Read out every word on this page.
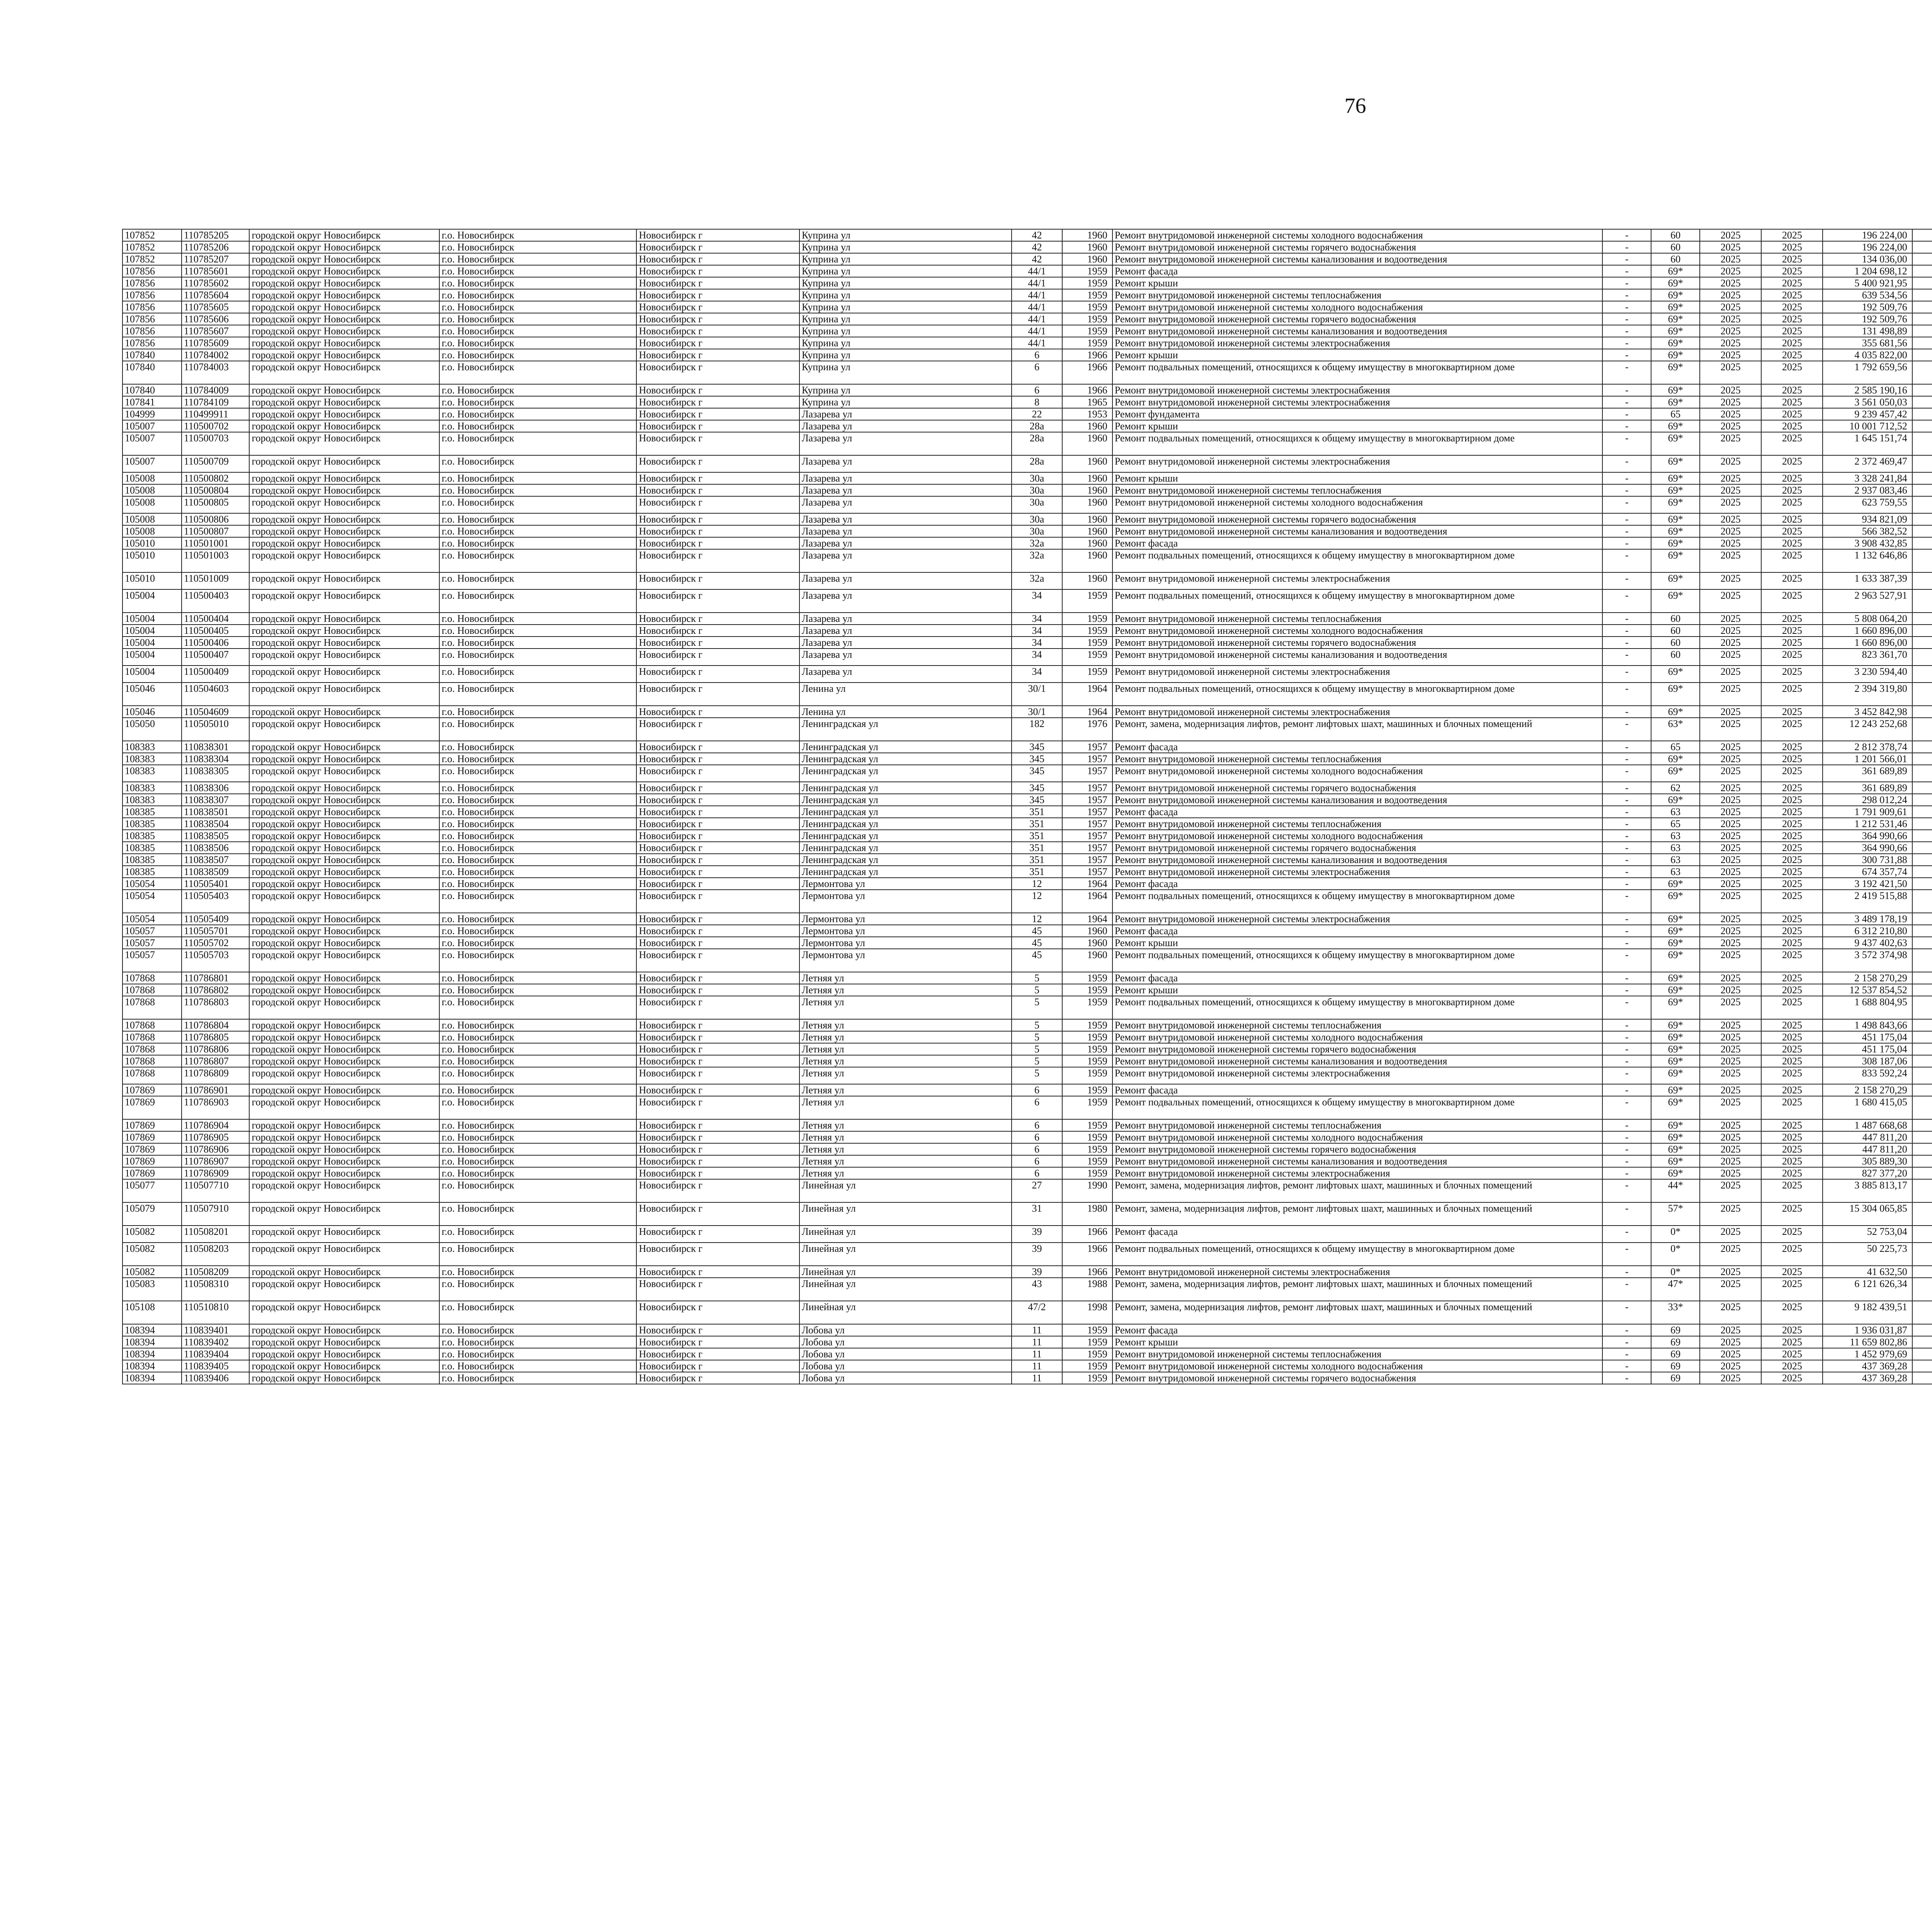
76
107852	110785205	городской округ Новосибирск	г.о. Новосибирск	Новосибирск г	Куприна ул	42	1960	Ремонт внутридомовой инженерной системы холодного водоснабжения	-	60	2025	2025	196 224,00						
107852	110785206	городской округ Новосибирск	г.о. Новосибирск	Новосибирск г	Куприна ул	42	1960	Ремонт внутридомовой инженерной системы горячего водоснабжения	-	60	2025	2025	196 224,00						
107852	110785207	городской округ Новосибирск	г.о. Новосибирск	Новосибирск г	Куприна ул	42	1960	Ремонт внутридомовой инженерной системы канализования и водоотведения	-	60	2025	2025	134 036,00						
107856	110785601	городской округ Новосибирск	г.о. Новосибирск	Новосибирск г	Куприна ул	44/1	1959	Ремонт фасада	-	69*	2025	2025	1 204 698,12						
107856	110785602	городской округ Новосибирск	г.о. Новосибирск	Новосибирск г	Куприна ул	44/1	1959	Ремонт крыши	-	69*	2025	2025	5 400 921,95						
107856	110785604	городской округ Новосибирск	г.о. Новосибирск	Новосибирск г	Куприна ул	44/1	1959	Ремонт внутридомовой инженерной системы теплоснабжения	-	69*	2025	2025	639 534,56						
107856	110785605	городской округ Новосибирск	г.о. Новосибирск	Новосибирск г	Куприна ул	44/1	1959	Ремонт внутридомовой инженерной системы холодного водоснабжения	-	69*	2025	2025	192 509,76						
107856	110785606	городской округ Новосибирск	г.о. Новосибирск	Новосибирск г	Куприна ул	44/1	1959	Ремонт внутридомовой инженерной системы горячего водоснабжения	-	69*	2025	2025	192 509,76						
107856	110785607	городской округ Новосибирск	г.о. Новосибирск	Новосибирск г	Куприна ул	44/1	1959	Ремонт внутридомовой инженерной системы канализования и водоотведения	-	69*	2025	2025	131 498,89						
107856	110785609	городской округ Новосибирск	г.о. Новосибирск	Новосибирск г	Куприна ул	44/1	1959	Ремонт внутридомовой инженерной системы электроснабжения	-	69*	2025	2025	355 681,56						
107840	110784002	городской округ Новосибирск	г.о. Новосибирск	Новосибирск г	Куприна ул	6	1966	Ремонт крыши	-	69*	2025	2025	4 035 822,00						
107840	110784003	городской округ Новосибирск	г.о. Новосибирск	Новосибирск г	Куприна ул	6	1966	Ремонт подвальных помещений, относящихся к общему имуществу в многоквартирном доме	-	69*	2025	2025	1 792 659,56						
107840	110784009	городской округ Новосибирск	г.о. Новосибирск	Новосибирск г	Куприна ул	6	1966	Ремонт внутридомовой инженерной системы электроснабжения	-	69*	2025	2025	2 585 190,16						
107841	110784109	городской округ Новосибирск	г.о. Новосибирск	Новосибирск г	Куприна ул	8	1965	Ремонт внутридомовой инженерной системы электроснабжения	-	69*	2025	2025	3 561 050,03						
104999	110499911	городской округ Новосибирск	г.о. Новосибирск	Новосибирск г	Лазарева ул	22	1953	Ремонт фундамента	-	65	2025	2025	9 239 457,42						
105007	110500702	городской округ Новосибирск	г.о. Новосибирск	Новосибирск г	Лазарева ул	28а	1960	Ремонт крыши	-	69*	2025	2025	10 001 712,52						
105007	110500703	городской округ Новосибирск	г.о. Новосибирск	Новосибирск г	Лазарева ул	28а	1960	Ремонт подвальных помещений, относящихся к общему имуществу в многоквартирном доме	-	69*	2025	2025	1 645 151,74						
105007	110500709	городской округ Новосибирск	г.о. Новосибирск	Новосибирск г	Лазарева ул	28а	1960	Ремонт внутридомовой инженерной системы электроснабжения	-	69*	2025	2025	2 372 469,47						
105008	110500802	городской округ Новосибирск	г.о. Новосибирск	Новосибирск г	Лазарева ул	30а	1960	Ремонт крыши	-	69*	2025	2025	3 328 241,84						
105008	110500804	городской округ Новосибирск	г.о. Новосибирск	Новосибирск г	Лазарева ул	30а	1960	Ремонт внутридомовой инженерной системы теплоснабжения	-	69*	2025	2025	2 937 083,46						
105008	110500805	городской округ Новосибирск	г.о. Новосибирск	Новосибирск г	Лазарева ул	30а	1960	Ремонт внутридомовой инженерной системы холодного водоснабжения	-	69*	2025	2025	623 759,55						
105008	110500806	городской округ Новосибирск	г.о. Новосибирск	Новосибирск г	Лазарева ул	30а	1960	Ремонт внутридомовой инженерной системы горячего водоснабжения	-	69*	2025	2025	934 821,09						
105008	110500807	городской округ Новосибирск	г.о. Новосибирск	Новосибирск г	Лазарева ул	30а	1960	Ремонт внутридомовой инженерной системы канализования и водоотведения	-	69*	2025	2025	566 382,52						
105010	110501001	городской округ Новосибирск	г.о. Новосибирск	Новосибирск г	Лазарева ул	32а	1960	Ремонт фасада	-	69*	2025	2025	3 908 432,85						
105010	110501003	городской округ Новосибирск	г.о. Новосибирск	Новосибирск г	Лазарева ул	32а	1960	Ремонт подвальных помещений, относящихся к общему имуществу в многоквартирном доме	-	69*	2025	2025	1 132 646,86						
105010	110501009	городской округ Новосибирск	г.о. Новосибирск	Новосибирск г	Лазарева ул	32а	1960	Ремонт внутридомовой инженерной системы электроснабжения	-	69*	2025	2025	1 633 387,39						
105004	110500403	городской округ Новосибирск	г.о. Новосибирск	Новосибирск г	Лазарева ул	34	1959	Ремонт подвальных помещений, относящихся к общему имуществу в многоквартирном доме	-	69*	2025	2025	2 963 527,91						
105004	110500404	городской округ Новосибирск	г.о. Новосибирск	Новосибирск г	Лазарева ул	34	1959	Ремонт внутридомовой инженерной системы теплоснабжения	-	60	2025	2025	5 808 064,20						
105004	110500405	городской округ Новосибирск	г.о. Новосибирск	Новосибирск г	Лазарева ул	34	1959	Ремонт внутридомовой инженерной системы холодного водоснабжения	-	60	2025	2025	1 660 896,00						
105004	110500406	городской округ Новосибирск	г.о. Новосибирск	Новосибирск г	Лазарева ул	34	1959	Ремонт внутридомовой инженерной системы горячего водоснабжения	-	60	2025	2025	1 660 896,00						
105004	110500407	городской округ Новосибирск	г.о. Новосибирск	Новосибирск г	Лазарева ул	34	1959	Ремонт внутридомовой инженерной системы канализования и водоотведения	-	60	2025	2025	823 361,70						
105004	110500409	городской округ Новосибирск	г.о. Новосибирск	Новосибирск г	Лазарева ул	34	1959	Ремонт внутридомовой инженерной системы электроснабжения	-	69*	2025	2025	3 230 594,40						
105046	110504603	городской округ Новосибирск	г.о. Новосибирск	Новосибирск г	Ленина ул	30/1	1964	Ремонт подвальных помещений, относящихся к общему имуществу в многоквартирном доме	-	69*	2025	2025	2 394 319,80						
105046	110504609	городской округ Новосибирск	г.о. Новосибирск	Новосибирск г	Ленина ул	30/1	1964	Ремонт внутридомовой инженерной системы электроснабжения	-	69*	2025	2025	3 452 842,98						
105050	110505010	городской округ Новосибирск	г.о. Новосибирск	Новосибирск г	Ленинградская ул	182	1976	Ремонт, замена, модернизация лифтов, ремонт лифтовых шахт, машинных и блочных помещений	-	63*	2025	2025	12 243 252,68						
108383	110838301	городской округ Новосибирск	г.о. Новосибирск	Новосибирск г	Ленинградская ул	345	1957	Ремонт фасада	-	65	2025	2025	2 812 378,74						
108383	110838304	городской округ Новосибирск	г.о. Новосибирск	Новосибирск г	Ленинградская ул	345	1957	Ремонт внутридомовой инженерной системы теплоснабжения	-	69*	2025	2025	1 201 566,01						
108383	110838305	городской округ Новосибирск	г.о. Новосибирск	Новосибирск г	Ленинградская ул	345	1957	Ремонт внутридомовой инженерной системы холодного водоснабжения	-	69*	2025	2025	361 689,89						
108383	110838306	городской округ Новосибирск	г.о. Новосибирск	Новосибирск г	Ленинградская ул	345	1957	Ремонт внутридомовой инженерной системы горячего водоснабжения	-	62	2025	2025	361 689,89						
108383	110838307	городской округ Новосибирск	г.о. Новосибирск	Новосибирск г	Ленинградская ул	345	1957	Ремонт внутридомовой инженерной системы канализования и водоотведения	-	69*	2025	2025	298 012,24						
108385	110838501	городской округ Новосибирск	г.о. Новосибирск	Новосибирск г	Ленинградская ул	351	1957	Ремонт фасада	-	63	2025	2025	1 791 909,61						
108385	110838504	городской округ Новосибирск	г.о. Новосибирск	Новосибирск г	Ленинградская ул	351	1957	Ремонт внутридомовой инженерной системы теплоснабжения	-	65	2025	2025	1 212 531,46						
108385	110838505	городской округ Новосибирск	г.о. Новосибирск	Новосибирск г	Ленинградская ул	351	1957	Ремонт внутридомовой инженерной системы холодного водоснабжения	-	63	2025	2025	364 990,66						
108385	110838506	городской округ Новосибирск	г.о. Новосибирск	Новосибирск г	Ленинградская ул	351	1957	Ремонт внутридомовой инженерной системы горячего водоснабжения	-	63	2025	2025	364 990,66						
108385	110838507	городской округ Новосибирск	г.о. Новосибирск	Новосибирск г	Ленинградская ул	351	1957	Ремонт внутридомовой инженерной системы канализования и водоотведения	-	63	2025	2025	300 731,88						
108385	110838509	городской округ Новосибирск	г.о. Новосибирск	Новосибирск г	Ленинградская ул	351	1957	Ремонт внутридомовой инженерной системы электроснабжения	-	63	2025	2025	674 357,74						
105054	110505401	городской округ Новосибирск	г.о. Новосибирск	Новосибирск г	Лермонтова ул	12	1964	Ремонт фасада	-	69*	2025	2025	3 192 421,50						
105054	110505403	городской округ Новосибирск	г.о. Новосибирск	Новосибирск г	Лермонтова ул	12	1964	Ремонт подвальных помещений, относящихся к общему имуществу в многоквартирном доме	-	69*	2025	2025	2 419 515,88						
105054	110505409	городской округ Новосибирск	г.о. Новосибирск	Новосибирск г	Лермонтова ул	12	1964	Ремонт внутридомовой инженерной системы электроснабжения	-	69*	2025	2025	3 489 178,19						
105057	110505701	городской округ Новосибирск	г.о. Новосибирск	Новосибирск г	Лермонтова ул	45	1960	Ремонт фасада	-	69*	2025	2025	6 312 210,80						
105057	110505702	городской округ Новосибирск	г.о. Новосибирск	Новосибирск г	Лермонтова ул	45	1960	Ремонт крыши	-	69*	2025	2025	9 437 402,63						
105057	110505703	городской округ Новосибирск	г.о. Новосибирск	Новосибирск г	Лермонтова ул	45	1960	Ремонт подвальных помещений, относящихся к общему имуществу в многоквартирном доме	-	69*	2025	2025	3 572 374,98						
107868	110786801	городской округ Новосибирск	г.о. Новосибирск	Новосибирск г	Летняя ул	5	1959	Ремонт фасада	-	69*	2025	2025	2 158 270,29						
107868	110786802	городской округ Новосибирск	г.о. Новосибирск	Новосибирск г	Летняя ул	5	1959	Ремонт крыши	-	69*	2025	2025	12 537 854,52						
107868	110786803	городской округ Новосибирск	г.о. Новосибирск	Новосибирск г	Летняя ул	5	1959	Ремонт подвальных помещений, относящихся к общему имуществу в многоквартирном доме	-	69*	2025	2025	1 688 804,95						
107868	110786804	городской округ Новосибирск	г.о. Новосибирск	Новосибирск г	Летняя ул	5	1959	Ремонт внутридомовой инженерной системы теплоснабжения	-	69*	2025	2025	1 498 843,66						
107868	110786805	городской округ Новосибирск	г.о. Новосибирск	Новосибирск г	Летняя ул	5	1959	Ремонт внутридомовой инженерной системы холодного водоснабжения	-	69*	2025	2025	451 175,04						
107868	110786806	городской округ Новосибирск	г.о. Новосибирск	Новосибирск г	Летняя ул	5	1959	Ремонт внутридомовой инженерной системы горячего водоснабжения	-	69*	2025	2025	451 175,04						
107868	110786807	городской округ Новосибирск	г.о. Новосибирск	Новосибирск г	Летняя ул	5	1959	Ремонт внутридомовой инженерной системы канализования и водоотведения	-	69*	2025	2025	308 187,06						
107868	110786809	городской округ Новосибирск	г.о. Новосибирск	Новосибирск г	Летняя ул	5	1959	Ремонт внутридомовой инженерной системы электроснабжения	-	69*	2025	2025	833 592,24						
107869	110786901	городской округ Новосибирск	г.о. Новосибирск	Новосибирск г	Летняя ул	6	1959	Ремонт фасада	-	69*	2025	2025	2 158 270,29						
107869	110786903	городской округ Новосибирск	г.о. Новосибирск	Новосибирск г	Летняя ул	6	1959	Ремонт подвальных помещений, относящихся к общему имуществу в многоквартирном доме	-	69*	2025	2025	1 680 415,05						
107869	110786904	городской округ Новосибирск	г.о. Новосибирск	Новосибирск г	Летняя ул	6	1959	Ремонт внутридомовой инженерной системы теплоснабжения	-	69*	2025	2025	1 487 668,68						
107869	110786905	городской округ Новосибирск	г.о. Новосибирск	Новосибирск г	Летняя ул	6	1959	Ремонт внутридомовой инженерной системы холодного водоснабжения	-	69*	2025	2025	447 811,20						
107869	110786906	городской округ Новосибирск	г.о. Новосибирск	Новосибирск г	Летняя ул	6	1959	Ремонт внутридомовой инженерной системы горячего водоснабжения	-	69*	2025	2025	447 811,20						
107869	110786907	городской округ Новосибирск	г.о. Новосибирск	Новосибирск г	Летняя ул	6	1959	Ремонт внутридомовой инженерной системы канализования и водоотведения	-	69*	2025	2025	305 889,30						
107869	110786909	городской округ Новосибирск	г.о. Новосибирск	Новосибирск г	Летняя ул	6	1959	Ремонт внутридомовой инженерной системы электроснабжения	-	69*	2025	2025	827 377,20						
105077	110507710	городской округ Новосибирск	г.о. Новосибирск	Новосибирск г	Линейная ул	27	1990	Ремонт, замена, модернизация лифтов, ремонт лифтовых шахт, машинных и блочных помещений	-	44*	2025	2025	3 885 813,17						
105079	110507910	городской округ Новосибирск	г.о. Новосибирск	Новосибирск г	Линейная ул	31	1980	Ремонт, замена, модернизация лифтов, ремонт лифтовых шахт, машинных и блочных помещений	-	57*	2025	2025	15 304 065,85						
105082	110508201	городской округ Новосибирск	г.о. Новосибирск	Новосибирск г	Линейная ул	39	1966	Ремонт фасада	-	0*	2025	2025	52 753,04						
105082	110508203	городской округ Новосибирск	г.о. Новосибирск	Новосибирск г	Линейная ул	39	1966	Ремонт подвальных помещений, относящихся к общему имуществу в многоквартирном доме	-	0*	2025	2025	50 225,73						
105082	110508209	городской округ Новосибирск	г.о. Новосибирск	Новосибирск г	Линейная ул	39	1966	Ремонт внутридомовой инженерной системы электроснабжения	-	0*	2025	2025	41 632,50						
105083	110508310	городской округ Новосибирск	г.о. Новосибирск	Новосибирск г	Линейная ул	43	1988	Ремонт, замена, модернизация лифтов, ремонт лифтовых шахт, машинных и блочных помещений	-	47*	2025	2025	6 121 626,34						
105108	110510810	городской округ Новосибирск	г.о. Новосибирск	Новосибирск г	Линейная ул	47/2	1998	Ремонт, замена, модернизация лифтов, ремонт лифтовых шахт, машинных и блочных помещений	-	33*	2025	2025	9 182 439,51						
108394	110839401	городской округ Новосибирск	г.о. Новосибирск	Новосибирск г	Лобова ул	11	1959	Ремонт фасада	-	69	2025	2025	1 936 031,87						
108394	110839402	городской округ Новосибирск	г.о. Новосибирск	Новосибирск г	Лобова ул	11	1959	Ремонт крыши	-	69	2025	2025	11 659 802,86						
108394	110839404	городской округ Новосибирск	г.о. Новосибирск	Новосибирск г	Лобова ул	11	1959	Ремонт внутридомовой инженерной системы теплоснабжения	-	69	2025	2025	1 452 979,69						
108394	110839405	городской округ Новосибирск	г.о. Новосибирск	Новосибирск г	Лобова ул	11	1959	Ремонт внутридомовой инженерной системы холодного водоснабжения	-	69	2025	2025	437 369,28						
108394	110839406	городской округ Новосибирск	г.о. Новосибирск	Новосибирск г	Лобова ул	11	1959	Ремонт внутридомовой инженерной системы горячего водоснабжения	-	69	2025	2025	437 369,28						
